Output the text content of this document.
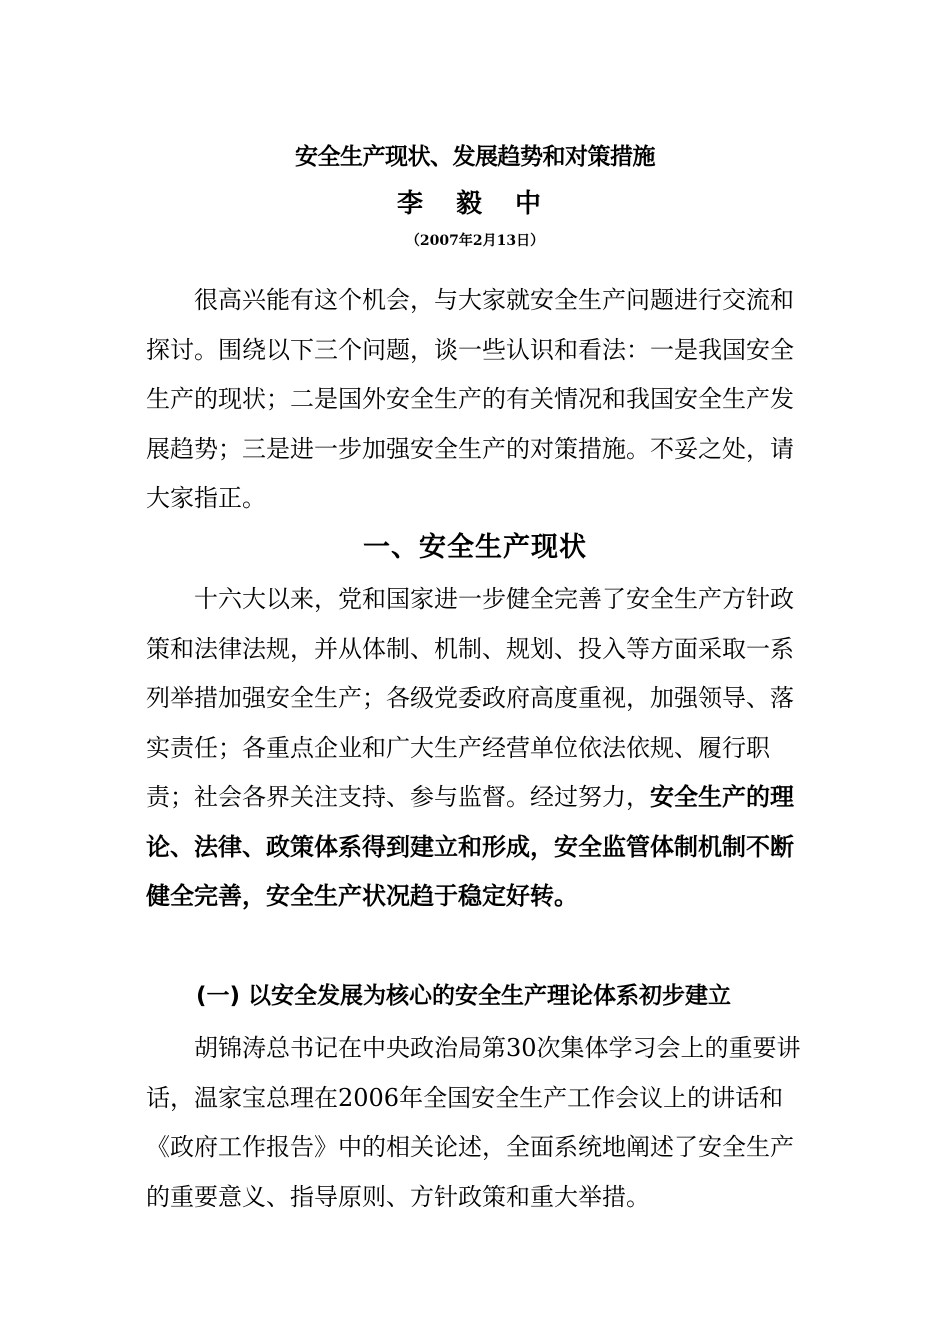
安全生产现状、发展趋势和对策措施
李 毅 中
（2007年2月13日）

很高兴能有这个机会，与大家就安全生产问题进行交流和探讨。围绕以下三个问题，谈一些认识和看法：一是我国安全生产的现状；二是国外安全生产的有关情况和我国安全生产发展趋势；三是进一步加强安全生产的对策措施。不妥之处，请大家指正。

一、安全生产现状

十六大以来，党和国家进一步健全完善了安全生产方针政策和法律法规，并从体制、机制、规划、投入等方面采取一系列举措加强安全生产；各级党委政府高度重视，加强领导、落实责任；各重点企业和广大生产经营单位依法依规、履行职责；社会各界关注支持、参与监督。经过努力，安全生产的理论、法律、政策体系得到建立和形成，安全监管体制机制不断健全完善，安全生产状况趋于稳定好转。

(一) 以安全发展为核心的安全生产理论体系初步建立

胡锦涛总书记在中央政治局第30次集体学习会上的重要讲话，温家宝总理在2006年全国安全生产工作会议上的讲话和《政府工作报告》中的相关论述，全面系统地阐述了安全生产的重要意义、指导原则、方针政策和重大举措。
